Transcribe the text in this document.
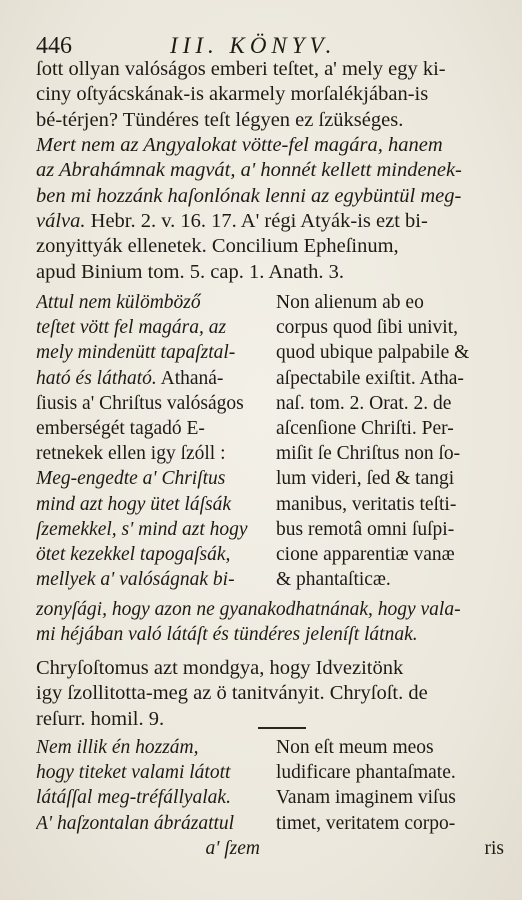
446	III. KÖNYV.
ſott ollyan valóságos emberi teſtet, a' mely egy ki-
ciny oſtyácskának-is akarmely morſalékjában-is
bé-térjen? Tündéres teſt légyen ez ſzükséges.
Mert nem az Angyalokat vötte-fel magára, hanem
az Abrahámnak magvát, a' honnét kellett mindenek-
ben mi hozzánk haſonlónak lenni az egybüntül meg-
válva. Hebr. 2. v. 16. 17. A' régi Atyák-is ezt bi-
zonyittyák ellenetek. Concilium Epheſinum,
apud Binium tom. 5. cap. 1. Anath. 3.
Attul nem külömböző
teſtet vött fel magára, az
mely mindenütt tapaſztal-
ható és látható. Athaná-
ſiusis a' Chriſtus valóságos
emberségét tagadó E-
retnekek ellen igy ſzóll :
Meg-engedte a' Chriſtus
mind azt hogy ütet láſsák
ſzemekkel, s' mind azt hogy
ötet kezekkel tapogaſsák,
mellyek a' valóságnak bi-
Non alienum ab eo
corpus quod ſibi univit,
quod ubique palpabile &
aſpectabile exiſtit. Atha-
naſ. tom. 2. Orat. 2. de
aſcenſione Chriſti. Per-
miſit ſe Chriſtus non ſo-
lum videri, ſed & tangi
manibus, veritatis teſti-
bus remotâ omni ſuſpi-
cione apparentiæ vanæ
& phantaſticæ.
zonyſági, hogy azon ne gyanakodhatnának, hogy vala-
mi héjában való látáſt és tündéres jeleníſt látnak.
Chryſoſtomus azt mondgya, hogy Idvezitönk
igy ſzollitotta-meg az ö tanitványit. Chryſoſt. de
reſurr. homil. 9.
Nem illik én hozzám,
hogy titeket valami látott
látáſſal meg-tréfállyalak.
A' haſzontalan ábrázattul
a' ſzem
Non eſt meum meos
ludificare phantaſmate.
Vanam imaginem viſus
timet, veritatem corpo-
ris
